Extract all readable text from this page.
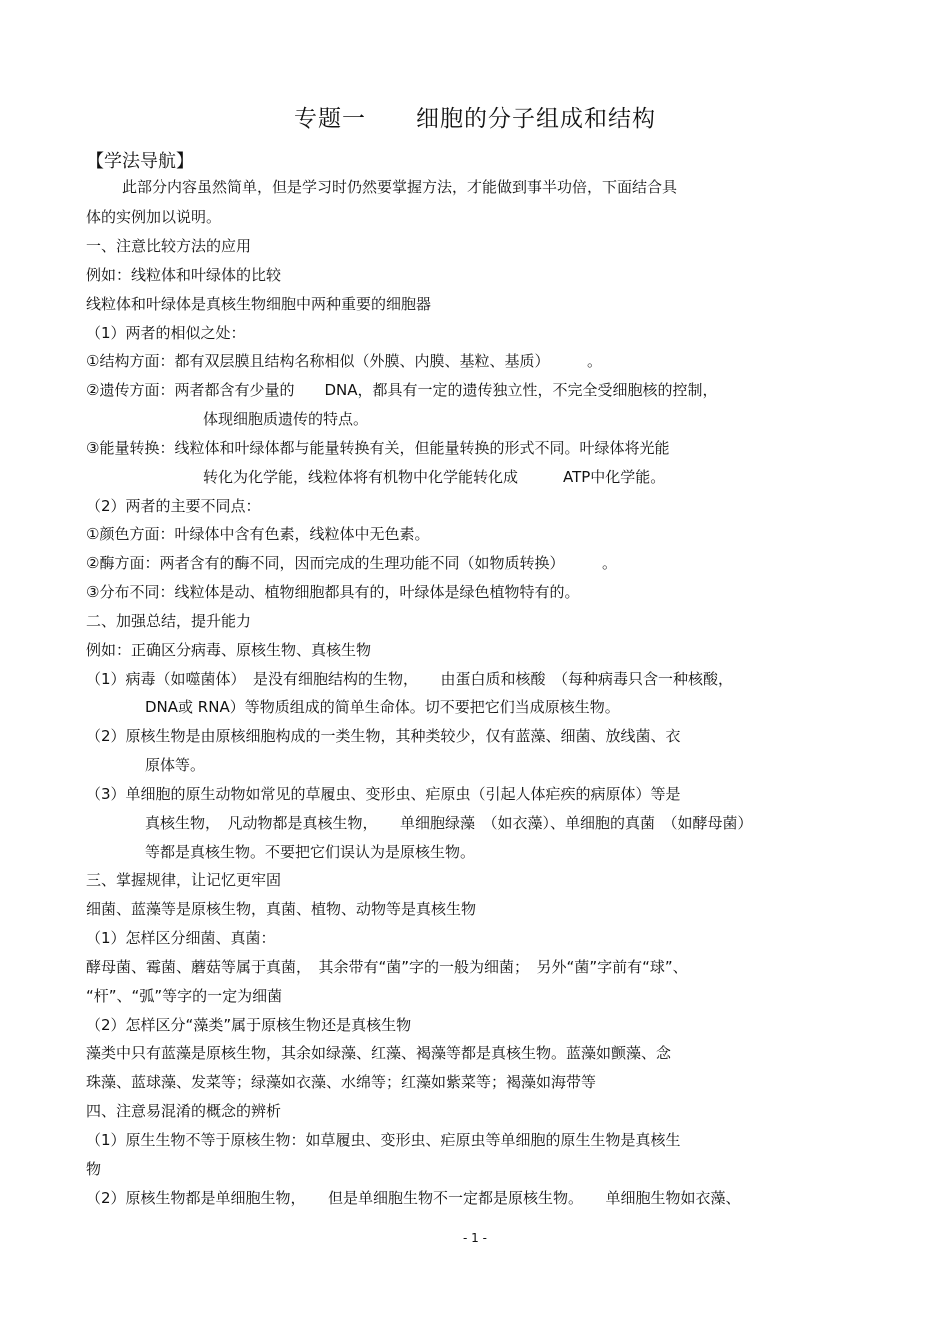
专题一 细胞的分子组成和结构
【学法导航】
此部分内容虽然简单，但是学习时仍然要掌握方法，才能做到事半功倍，下面结合具
体的实例加以说明。
一、注意比较方法的应用
例如：线粒体和叶绿体的比较
线粒体和叶绿体是真核生物细胞中两种重要的细胞器
（1）两者的相似之处：
①结构方面：都有双层膜且结构名称相似（外膜、内膜、基粒、基质）　　　。
②遗传方面：两者都含有少量的　　DNA，都具有一定的遗传独立性，不完全受细胞核的控制，
体现细胞质遗传的特点。
③能量转换：线粒体和叶绿体都与能量转换有关，但能量转换的形式不同。叶绿体将光能
转化为化学能，线粒体将有机物中化学能转化成　　　ATP中化学能。
（2）两者的主要不同点：
①颜色方面：叶绿体中含有色素，线粒体中无色素。
②酶方面：两者含有的酶不同，因而完成的生理功能不同（如物质转换）　　　。
③分布不同：线粒体是动、植物细胞都具有的，叶绿体是绿色植物特有的。
二、加强总结，提升能力
例如：正确区分病毒、原核生物、真核生物
（1）病毒（如噬菌体）　是没有细胞结构的生物，　　由蛋白质和核酸　（每种病毒只含一种核酸，
DNA或 RNA）等物质组成的简单生命体。切不要把它们当成原核生物。
（2）原核生物是由原核细胞构成的一类生物，其种类较少，仅有蓝藻、细菌、放线菌、衣
原体等。
（3）单细胞的原生动物如常见的草履虫、变形虫、疟原虫（引起人体疟疾的病原体）等是
真核生物，　凡动物都是真核生物，　　单细胞绿藻　（如衣藻）、单细胞的真菌　（如酵母菌）
等都是真核生物。不要把它们误认为是原核生物。
三、掌握规律，让记忆更牢固
细菌、蓝藻等是原核生物，真菌、植物、动物等是真核生物
（1）怎样区分细菌、真菌：
酵母菌、霉菌、蘑菇等属于真菌，　其余带有“菌”字的一般为细菌；　另外“菌”字前有“球”、
“杆”、“弧”等字的一定为细菌
（2）怎样区分“藻类”属于原核生物还是真核生物
藻类中只有蓝藻是原核生物，其余如绿藻、红藻、褐藻等都是真核生物。蓝藻如颤藻、念
珠藻、蓝球藻、发菜等；绿藻如衣藻、水绵等；红藻如紫菜等；褐藻如海带等
四、注意易混淆的概念的辨析
（1）原生生物不等于原核生物：如草履虫、变形虫、疟原虫等单细胞的原生生物是真核生
物
（2）原核生物都是单细胞生物，　　但是单细胞生物不一定都是原核生物。　　单细胞生物如衣藻、
- 1 -
